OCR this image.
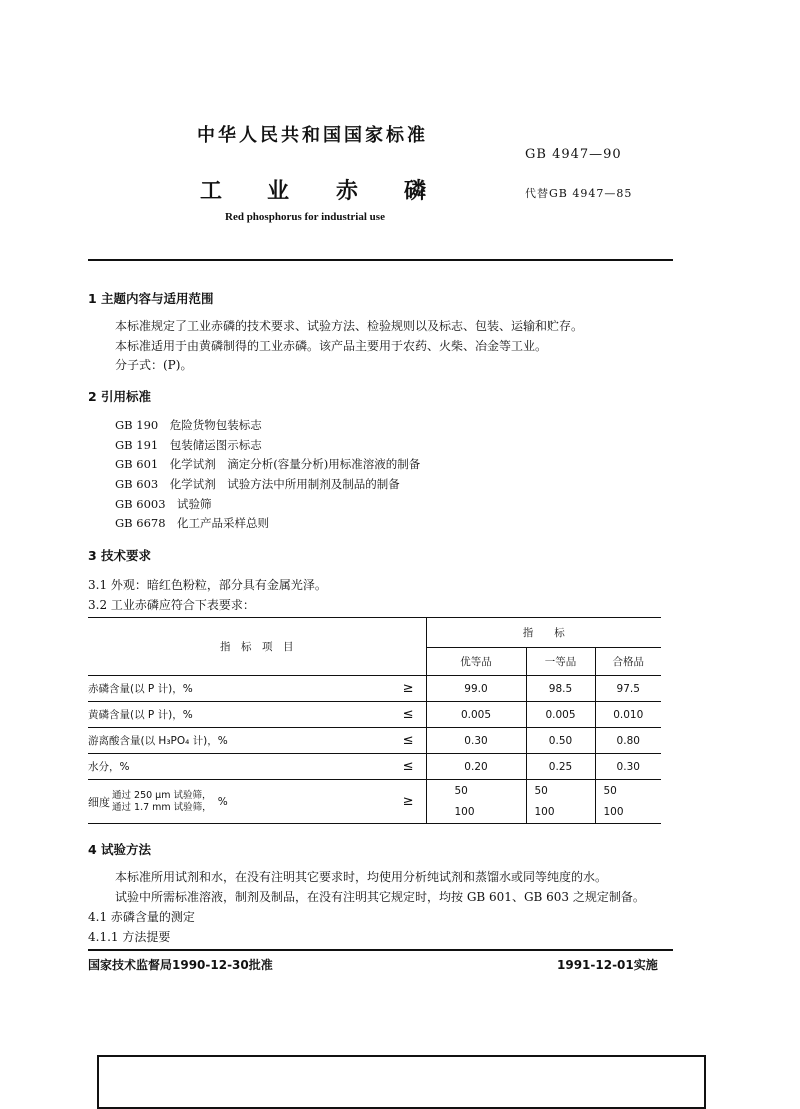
中华人民共和国国家标准
GB 4947—90
工 业 赤 磷	代替GB 4947—85
Red phosphorus for industrial use
1 主题内容与适用范围
本标准规定了工业赤磷的技术要求、试验方法、检验规则以及标志、包装、运输和贮存。
本标准适用于由黄磷制得的工业赤磷。该产品主要用于农药、火柴、冶金等工业。
分子式：(P)。
2 引用标准
GB 190　危险货物包装标志
GB 191　包装储运图示标志
GB 601　化学试剂　滴定分析(容量分析)用标准溶液的制备
GB 603　化学试剂　试验方法中所用制剂及制品的制备
GB 6003　试验筛
GB 6678　化工产品采样总则
3 技术要求
3.1 外观：暗红色粉粒，部分具有金属光泽。
3.2 工业赤磷应符合下表要求：
指　标　项　目	指　　标		
	优等品	一等品	合格品

赤磷含量(以 P 计)，% ≥	99.0	98.5	97.5

黄磷含量(以 P 计)，% ≤	0.005	0.005	0.010

游离酸含量(以 H₃PO₄ 计)，% ≤	0.30	0.50	0.80

水分，% ≤	0.20	0.25	0.30

细度
通过 250 μm 试验筛，
通过 1.7 mm 试验筛， % ≥	50	50	50
	100	100	100
4 试验方法
本标准所用试剂和水，在没有注明其它要求时，均使用分析纯试剂和蒸馏水或同等纯度的水。
试验中所需标准溶液，制剂及制品，在没有注明其它规定时，均按 GB 601、GB 603 之规定制备。
4.1 赤磷含量的测定
4.1.1 方法提要
国家技术监督局1990-12-30批准	1991-12-01实施
